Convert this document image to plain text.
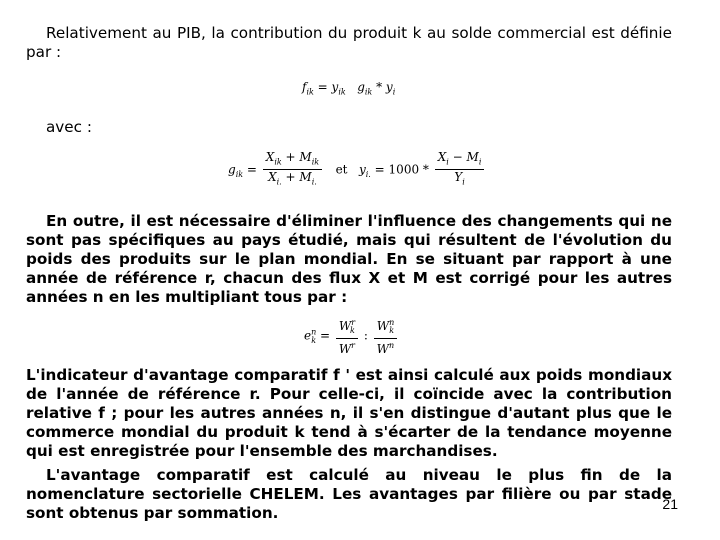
Relativement au PIB, la contribution du produit k au solde commercial est définie par :
$f_{ik} = y_{ik}$ $g_{ik} * y_i$
avec :
$g_{ik} = \frac{X_{ik} + M_{ik}}{X_{i.} + M_{i.}}$ et $y_{i.} = 1000 * \frac{X_i - M_i}{Y_i}$
En outre, il est nécessaire d'éliminer l'influence des changements qui ne sont pas spécifiques au pays étudié, mais qui résultent de l'évolution du poids des produits sur le plan mondial. En se situant par rapport à une année de référence r, chacun des flux X et M est corrigé pour les autres années n en les multipliant tous par :
$e^n_k = \frac{W^r_k}{W^r}$ : $\frac{W^n_k}{W^n}$
L'indicateur d'avantage comparatif f ' est ainsi calculé aux poids mondiaux de l'année de référence r. Pour celle-ci, il coïncide avec la contribution relative f ; pour les autres années n, il s'en distingue d'autant plus que le commerce mondial du produit k tend à s'écarter de la tendance moyenne qui est enregistrée pour l'ensemble des marchandises.
L'avantage comparatif est calculé au niveau le plus fin de la nomenclature sectorielle CHELEM. Les avantages par filière ou par stade sont obtenus par sommation.	21
